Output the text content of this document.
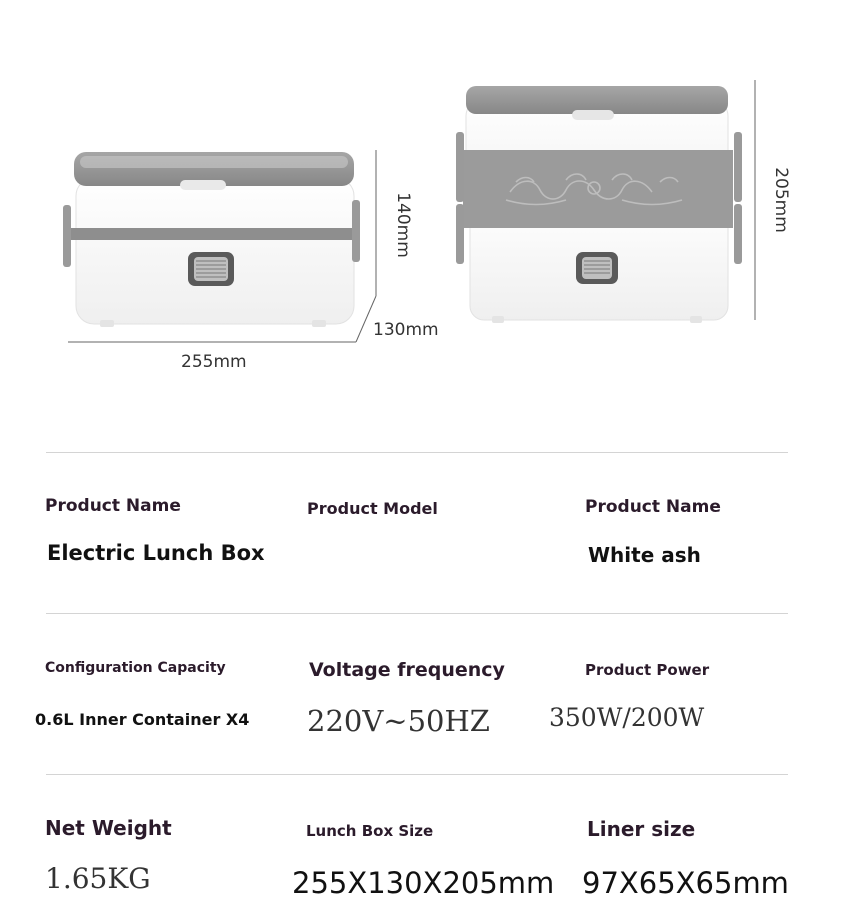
255mm
130mm
140mm	205mm
Product Name
Electric Lunch Box
Product Model	Product Name
White ash
Configuration Capacity
0.6L Inner Container X4
Voltage frequency
220V~50HZ
Product Power
350W/200W
Net Weight
1.65KG
Lunch Box Size
255X130X205mm
Liner size
97X65X65mm
